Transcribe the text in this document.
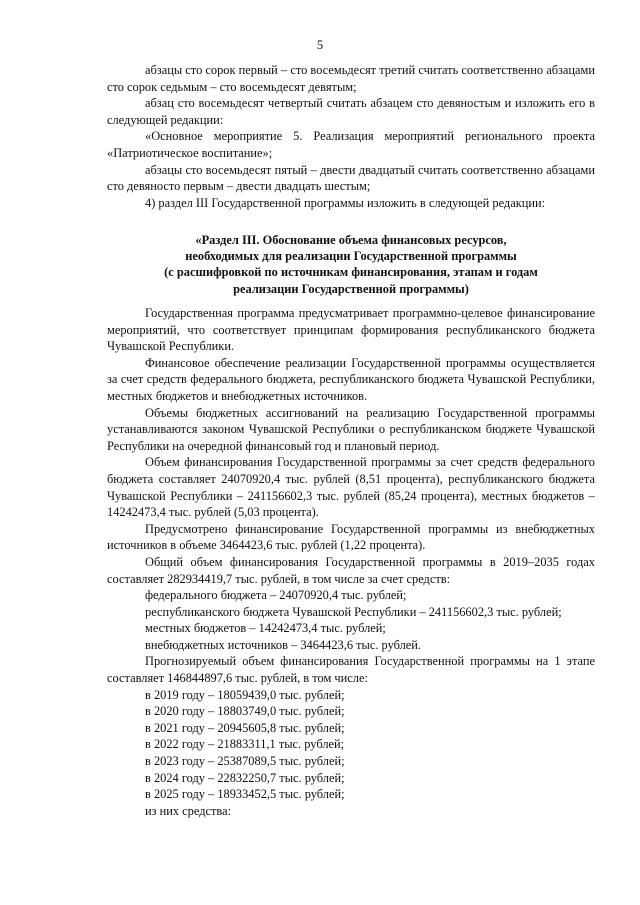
5

абзацы сто сорок первый – сто восемьдесят третий считать соответственно абзацами сто сорок седьмым – сто восемьдесят девятым;

абзац сто восемьдесят четвертый считать абзацем сто девяностым и изложить его в следующей редакции:

«Основное мероприятие 5. Реализация мероприятий регионального проекта «Патриотическое воспитание»;

абзацы сто восемьдесят пятый – двести двадцатый считать соответственно абзацами сто девяносто первым – двести двадцать шестым;

4) раздел III Государственной программы изложить в следующей редакции:

«Раздел III. Обоснование объема финансовых ресурсов,
необходимых для реализации Государственной программы
(с расшифровкой по источникам финансирования, этапам и годам
реализации Государственной программы)

Государственная программа предусматривает программно-целевое финансирование мероприятий, что соответствует принципам формирования республиканского бюджета Чувашской Республики.

Финансовое обеспечение реализации Государственной программы осуществляется за счет средств федерального бюджета, республиканского бюджета Чувашской Республики, местных бюджетов и внебюджетных источников.

Объемы бюджетных ассигнований на реализацию Государственной программы устанавливаются законом Чувашской Республики о республиканском бюджете Чувашской Республики на очередной финансовый год и плановый период.

Объем финансирования Государственной программы за счет средств федерального бюджета составляет 24070920,4 тыс. рублей (8,51 процента), республиканского бюджета Чувашской Республики – 241156602,3 тыс. рублей (85,24 процента), местных бюджетов – 14242473,4 тыс. рублей (5,03 процента).

Предусмотрено финансирование Государственной программы из внебюджетных источников в объеме 3464423,6 тыс. рублей (1,22 процента).

Общий объем финансирования Государственной программы в 2019–2035 годах составляет 282934419,7 тыс. рублей, в том числе за счет средств:

федерального бюджета – 24070920,4 тыс. рублей;

республиканского бюджета Чувашской Республики – 241156602,3 тыс. рублей;

местных бюджетов – 14242473,4 тыс. рублей;

внебюджетных источников – 3464423,6 тыс. рублей.

Прогнозируемый объем финансирования Государственной программы на 1 этапе составляет 146844897,6 тыс. рублей, в том числе:

в 2019 году – 18059439,0 тыс. рублей;

в 2020 году – 18803749,0 тыс. рублей;

в 2021 году – 20945605,8 тыс. рублей;

в 2022 году – 21883311,1 тыс. рублей;

в 2023 году – 25387089,5 тыс. рублей;

в 2024 году – 22832250,7 тыс. рублей;

в 2025 году – 18933452,5 тыс. рублей;

из них средства:
